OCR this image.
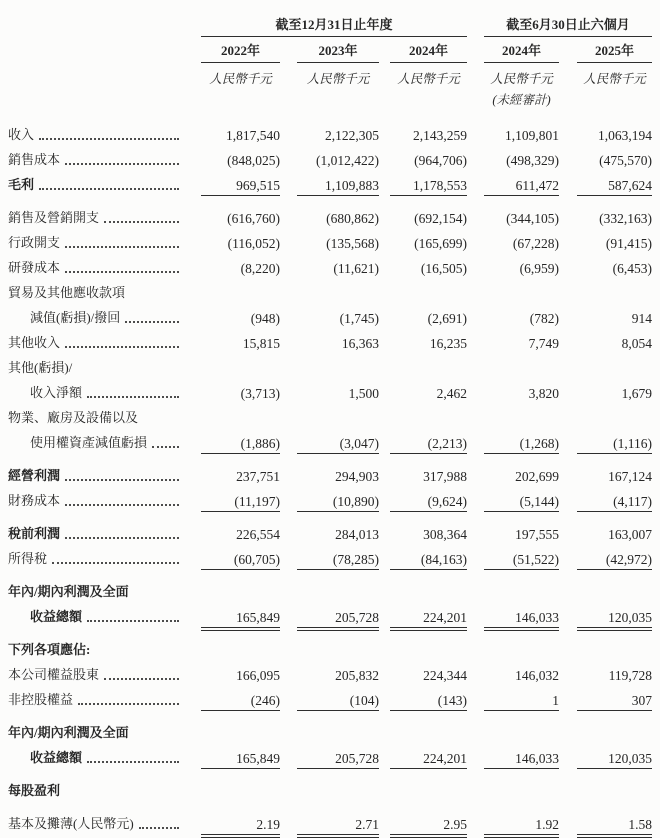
截至12月31日止年度	截至6月30日止六個月
2022年	2023年	2024年	2024年	2025年
人民幣千元	人民幣千元	人民幣千元	人民幣千元	人民幣千元
(未經審計)
收入	1,817,540	2,122,305	2,143,259	1,109,801	1,063,194
銷售成本	(848,025)	(1,012,422)	(964,706)	(498,329)	(475,570)
毛利	969,515	1,109,883	1,178,553	611,472	587,624
銷售及營銷開支	(616,760)	(680,862)	(692,154)	(344,105)	(332,163)
行政開支	(116,052)	(135,568)	(165,699)	(67,228)	(91,415)
研發成本	(8,220)	(11,621)	(16,505)	(6,959)	(6,453)
貿易及其他應收款項
減值(虧損)/撥回	(948)	(1,745)	(2,691)	(782)	914
其他收入	15,815	16,363	16,235	7,749	8,054
其他(虧損)/
收入淨額	(3,713)	1,500	2,462	3,820	1,679
物業、廠房及設備以及
使用權資產減值虧損	(1,886)	(3,047)	(2,213)	(1,268)	(1,116)
經營利潤	237,751	294,903	317,988	202,699	167,124
財務成本	(11,197)	(10,890)	(9,624)	(5,144)	(4,117)
稅前利潤	226,554	284,013	308,364	197,555	163,007
所得稅	(60,705)	(78,285)	(84,163)	(51,522)	(42,972)
年內/期內利潤及全面
收益總額	165,849	205,728	224,201	146,033	120,035
下列各項應佔:
本公司權益股東	166,095	205,832	224,344	146,032	119,728
非控股權益	(246)	(104)	(143)	1	307
年內/期內利潤及全面
收益總額	165,849	205,728	224,201	146,033	120,035
每股盈利
基本及攤薄(人民幣元)	2.19	2.71	2.95	1.92	1.58
